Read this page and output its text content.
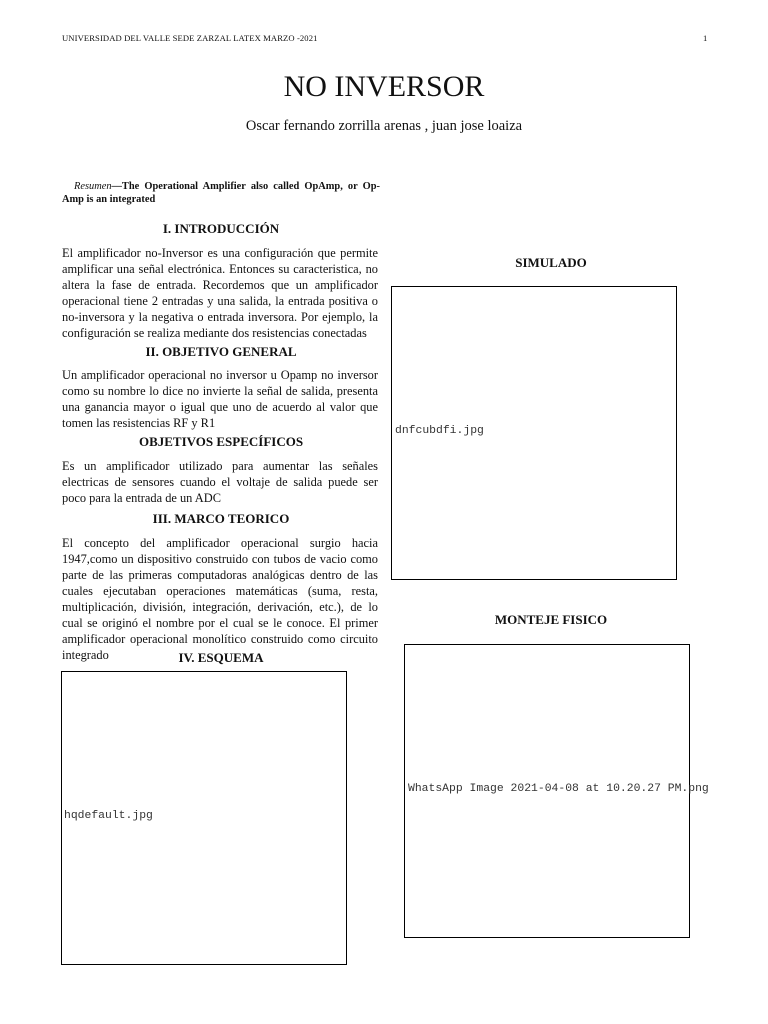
UNIVERSIDAD DEL VALLE SEDE ZARZAL LATEX MARZO -2021	1
NO INVERSOR
Oscar fernando zorrilla arenas , juan jose loaiza
Resumen—The Operational Amplifier also called OpAmp, or Op-Amp is an integrated
I. INTRODUCCIÓN
El amplificador no-Inversor es una configuración que permite amplificar una señal electrónica. Entonces su caracteristica, no altera la fase de entrada. Recordemos que un amplificador operacional tiene 2 entradas y una salida, la entrada positiva o no-inversora y la negativa o entrada inversora. Por ejemplo, la configuración se realiza mediante dos resistencias conectadas
II. OBJETIVO GENERAL
Un amplificador operacional no inversor u Opamp no inversor como su nombre lo dice no invierte la señal de salida, presenta una ganancia mayor o igual que uno de acuerdo al valor que tomen las resistencias RF y R1
OBJETIVOS ESPECÍFICOS
Es un amplificador utilizado para aumentar las señales electricas de sensores cuando el voltaje de salida puede ser poco para la entrada de un ADC
III. MARCO TEORICO
El concepto del amplificador operacional surgio hacia 1947,como un dispositivo construido con tubos de vacio como parte de las primeras computadoras analógicas dentro de las cuales ejecutaban operaciones matemáticas (suma, resta, multiplicación, división, integración, derivación, etc.), de lo cual se originó el nombre por el cual se le conoce. El primer amplificador operacional monolítico construido como circuito integrado	IV. ESQUEMA
hqdefault.jpg
SIMULADO
dnfcubdfi.jpg
MONTEJE FISICO
WhatsApp Image 2021-04-08 at 10.20.27 PM.png
